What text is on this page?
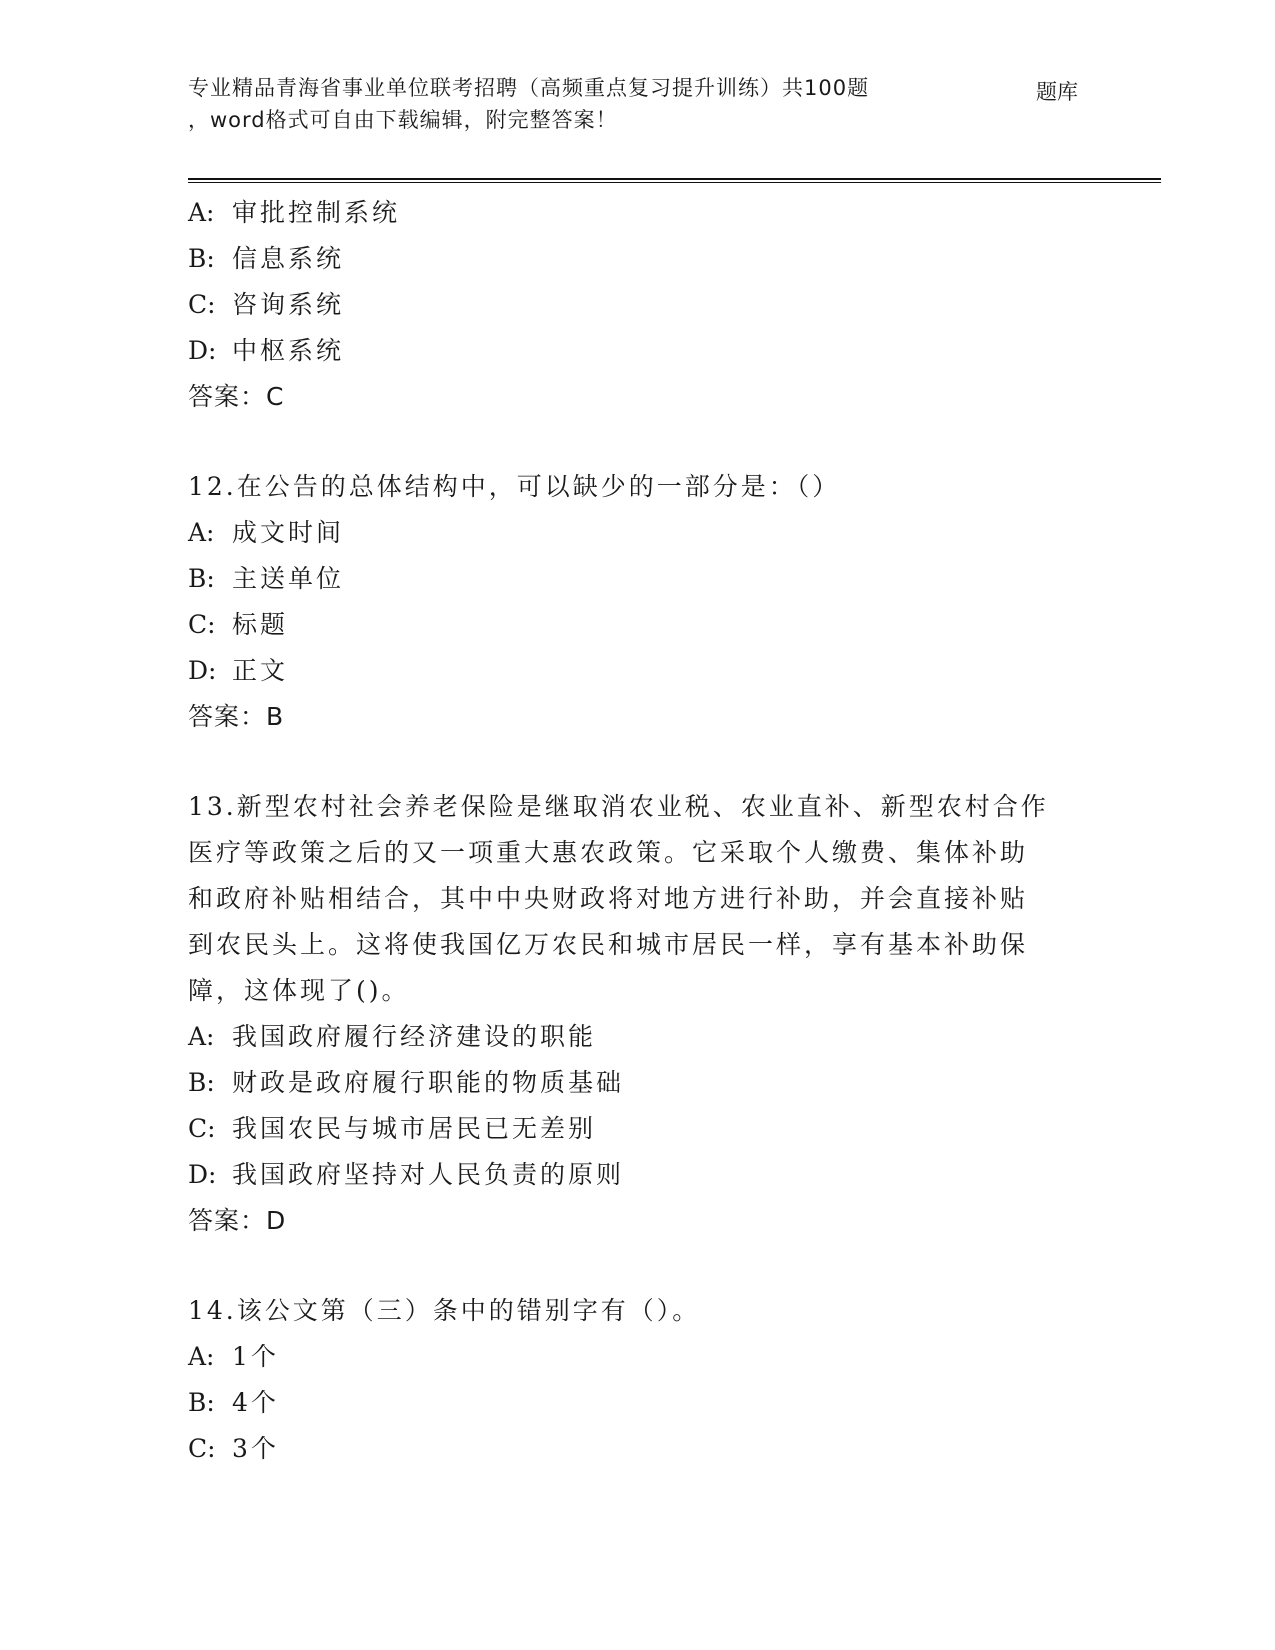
专业精品青海省事业单位联考招聘（高频重点复习提升训练）共100题
，word格式可自由下载编辑，附完整答案！
题库
A: 审批控制系统
B: 信息系统
C: 咨询系统
D: 中枢系统
答案：C
12.在公告的总体结构中，可以缺少的一部分是：（）
A: 成文时间
B: 主送单位
C: 标题
D: 正文
答案：B
13.新型农村社会养老保险是继取消农业税、农业直补、新型农村合作
医疗等政策之后的又一项重大惠农政策。它采取个人缴费、集体补助
和政府补贴相结合，其中中央财政将对地方进行补助，并会直接补贴
到农民头上。这将使我国亿万农民和城市居民一样，享有基本补助保
障，这体现了()。
A: 我国政府履行经济建设的职能
B: 财政是政府履行职能的物质基础
C: 我国农民与城市居民已无差别
D: 我国政府坚持对人民负责的原则
答案：D
14.该公文第（三）条中的错别字有（）。
A: 1个
B: 4个
C: 3个
